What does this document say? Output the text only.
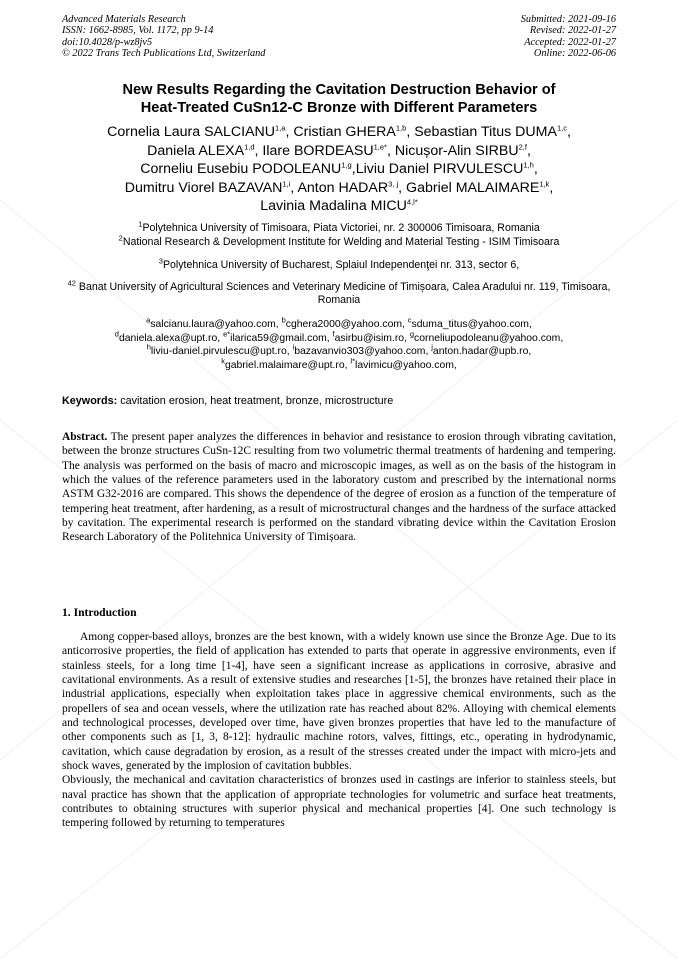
Advanced Materials Research
ISSN: 1662-8985, Vol. 1172, pp 9-14
doi:10.4028/p-wz8jv5
© 2022 Trans Tech Publications Ltd, Switzerland
Submitted: 2021-09-16
Revised: 2022-01-27
Accepted: 2022-01-27
Online: 2022-06-06
New Results Regarding the Cavitation Destruction Behavior of
Heat-Treated CuSn12-C Bronze with Different Parameters
Cornelia Laura SALCIANU$^{1,a}$, Cristian GHERA$^{1,b}$, Sebastian Titus DUMA$^{1,c}$,
Daniela ALEXA$^{1,d}$, Ilare $BORDEASU^{1,e*}$, Nicușor-Alin SIRBU$^{2,f}$,
Corneliu Eusebiu PODOLEANU$^{1,g}$,Liviu Daniel PIRVULESCU$^{1,h}$,
Dumitru Viorel BAZAVAN$^{1,i}$, Anton HADAR$^{3, j}$, Gabriel MALAIMARE$^{1,k}$,
Lavinia Madalina $MICU^{4,l*}$
$^1$Polytehnica University of Timisoara, Piata Victoriei, nr. 2 300006 Timisoara, Romania
$^2$National Research & Development Institute for Welding and Material Testing - ISIM Timisoara
$^3$Polytehnica University of Bucharest, Splaiul Independenţei nr. 313, sector 6,
$^{42}$ Banat University of Agricultural Sciences and Veterinary Medicine of Timișoara, Calea Aradului nr. 119, Timisoara, Romania
$^a$salcianu.laura@yahoo.com, $^b$cghera2000@yahoo.com, $^c$sduma_titus@yahoo.com,
$^d$daniela.alexa@upt.ro, $^{e*}$ilarica59@gmail.com, $^f$asirbu@isim.ro, $^g$corneliupodoleanu@yahoo.com,
$^h$liviu-daniel.pirvulescu@upt.ro, $^i$bazavanvio303@yahoo.com, $^j$anton.hadar@upb.ro,
$^k$gabriel.malaimare@upt.ro, $^{l*}$lavimicu@yahoo.com,
Keywords: cavitation erosion, heat treatment, bronze, microstructure
Abstract. The present paper analyzes the differences in behavior and resistance to erosion through vibrating cavitation, between the bronze structures CuSn-12C resulting from two volumetric thermal treatments of hardening and tempering. The analysis was performed on the basis of macro and microscopic images, as well as on the basis of the histogram in which the values of the reference parameters used in the laboratory custom and prescribed by the international norms ASTM G32-2016 are compared. This shows the dependence of the degree of erosion as a function of the temperature of tempering heat treatment, after hardening, as a result of microstructural changes and the hardness of the surface attacked by cavitation. The experimental research is performed on the standard vibrating device within the Cavitation Erosion Research Laboratory of the Politehnica University of Timișoara.
1. Introduction

Among copper-based alloys, bronzes are the best known, with a widely known use since the Bronze Age. Due to its anticorrosive properties, the field of application has extended to parts that operate in aggressive environments, even if stainless steels, for a long time [1-4], have seen a significant increase as applications in corrosive, abrasive and cavitational environments. As a result of extensive studies and researches [1-5], the bronzes have retained their place in industrial applications, especially when exploitation takes place in aggressive chemical environments, such as the propellers of sea and ocean vessels, where the utilization rate has reached about 82%. Alloying with chemical elements and technological processes, developed over time, have given bronzes properties that have led to the manufacture of other components such as [1, 3, 8-12]: hydraulic machine rotors, valves, fittings, etc., operating in hydrodynamic, cavitation, which cause degradation by erosion, as a result of the stresses created under the impact with micro-jets and shock waves, generated by the implosion of cavitation bubbles.

Obviously, the mechanical and cavitation characteristics of bronzes used in castings are inferior to stainless steels, but naval practice has shown that the application of appropriate technologies for volumetric and surface heat treatments, contributes to obtaining structures with superior physical and mechanical properties [4]. One such technology is tempering followed by returning to temperatures
